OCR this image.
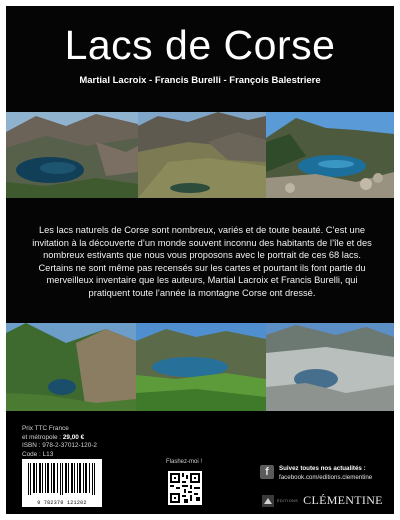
Lacs de Corse
Martial Lacroix - Francis Burelli - François Balestriere
Les lacs naturels de Corse sont nombreux, variés et de toute beauté. C’est une invitation à la découverte d’un monde souvent inconnu des habitants de l’île et des nombreux estivants que nous vous proposons avec le portrait de ces 68 lacs. Certains ne sont même pas recensés sur les cartes et pourtant ils font partie du merveilleux inventaire que les auteurs, Martial Lacroix et Francis Burelli, qui pratiquent toute l’année la montagne Corse ont dressé.
Prix TTC France
et métropole : 29,00 €
ISBN : 978-2-37012-120-2
Code : L13
9 782370 121202
Flashez-moi !
f	Suivez toutes nos actualités :
facebook.com/editions.clementine
ÉDITIONS CLÉMENTINE
